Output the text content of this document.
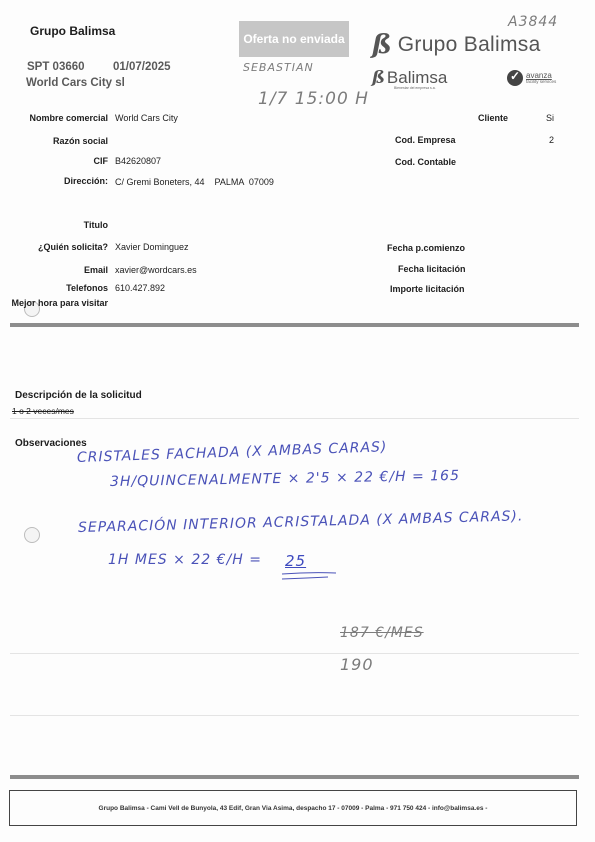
Grupo Balimsa
SPT 03660 01/07/2025
World Cars City sl
Oferta no enviada
A3844
SEBASTIAN
1/7 15:00 H
ß Grupo Balimsa
ß Balimsa
Bienestar del empresa s.a.
✓
avanza
facility services
Nombre comercial World Cars City
Razón social
CIF B42620807
Dirección: C/ Gremi Boneters, 44    PALMA  07009
Titulo
¿Quién solicita? Xavier Dominguez
Email xavier@wordcars.es
Telefonos 610.427.892
Mejor hora para visitar
Cliente	Si
Cod. Empresa	2
Cod. Contable
Fecha p.comienzo
Fecha licitación
Importe licitación
Descripción de la solicitud
1 o 2 veces/mes
Observaciones
CRISTALES FACHADA (X AMBAS CARAS)
3H/QUINCENALMENTE × 2'5 × 22 €/H = 165
SEPARACIÓN INTERIOR ACRISTALADA (X AMBAS CARAS).
1H MES × 22 €/H = 25
187 €/MES
190
Grupo Balimsa - Cami Vell de Bunyola, 43 Edif, Gran Via Asima, despacho 17 - 07009 - Palma - 971 750 424 - info@balimsa.es -
